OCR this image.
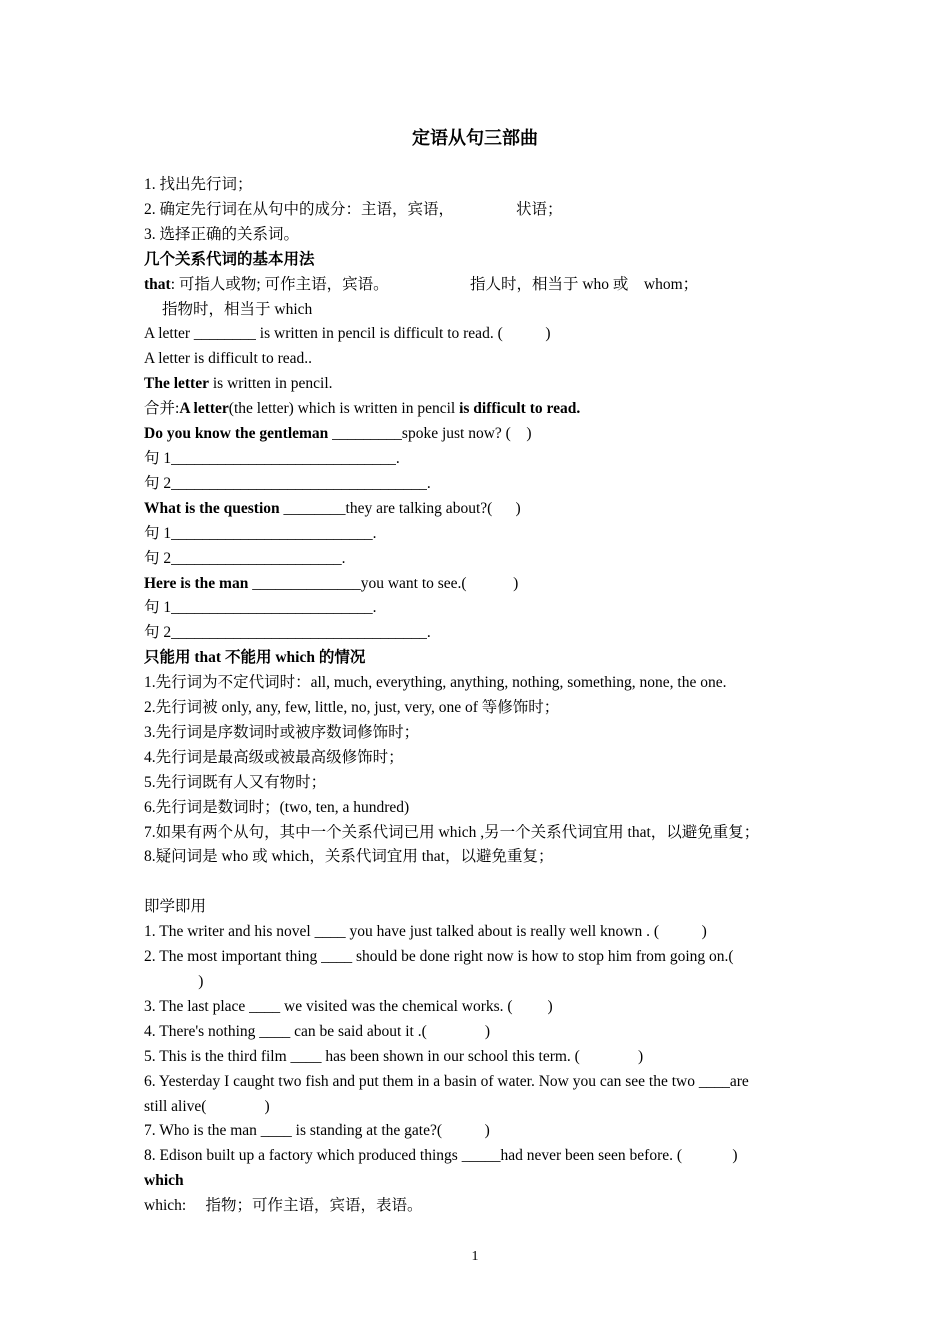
定语从句三部曲

1. 找出先行词；

2. 确定先行词在从句中的成分：主语，宾语，                状语；

3. 选择正确的关系词。

几个关系代词的基本用法

that: 可指人或物; 可作主语，宾语。                     指人时，相当于 who 或    whom；

指物时，相当于 which

A letter ________ is written in pencil is difficult to read. (           )

A letter is difficult to read..

The letter is written in pencil.

合并:A letter(the letter) which is written in pencil is difficult to read.

Do you know the gentleman _________spoke just now? (    )

句 1_____________________________.

句 2_________________________________.

What is the question ________they are talking about?(      )

句 1__________________________.

句 2______________________.

Here is the man ______________you want to see.(            )

句 1__________________________.

句 2_________________________________.

只能用 that 不能用 which 的情况

1.先行词为不定代词时：all, much, everything, anything, nothing, something, none, the one.

2.先行词被 only, any, few, little, no, just, very, one of 等修饰时；

3.先行词是序数词时或被序数词修饰时；

4.先行词是最高级或被最高级修饰时；

5.先行词既有人又有物时；

6.先行词是数词时；(two, ten, a hundred)

7.如果有两个从句，其中一个关系代词已用 which ,另一个关系代词宜用 that，以避免重复；

8.疑问词是 who 或 which，关系代词宜用 that，以避免重复；

即学即用

1. The writer and his novel ____ you have just talked about is really well known . (           )

2. The most important thing ____ should be done right now is how to stop him from going on.(

)

3. The last place ____ we visited was the chemical works. (         )

4. There's nothing ____ can be said about it .(               )

5. This is the third film ____ has been shown in our school this term. (               )

6. Yesterday I caught two fish and put them in a basin of water. Now you can see the two ____are

still alive(               )

7. Who is the man ____ is standing at the gate?(           )

8. Edison built up a factory which produced things _____had never been seen before. (             )

which

which:     指物；可作主语，宾语，表语。

1
